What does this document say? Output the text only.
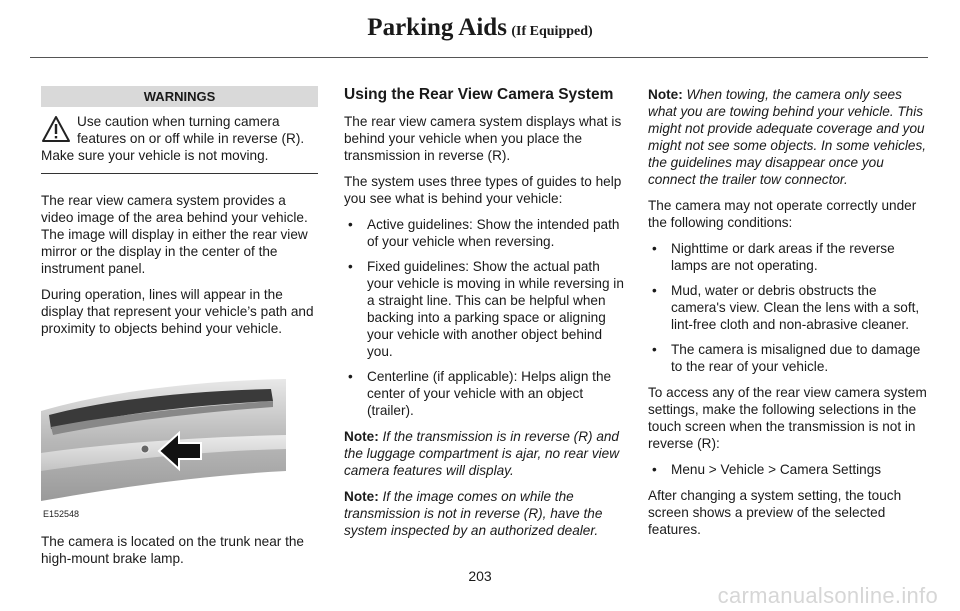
Parking Aids (If Equipped)
WARNINGS
Use caution when turning camera features on or off while in reverse (R). Make sure your vehicle is not moving.

The rear view camera system provides a video image of the area behind your vehicle. The image will display in either the rear view mirror or the display in the center of the instrument panel.

During operation, lines will appear in the display that represent your vehicle’s path and proximity to objects behind your vehicle.

E152548

The camera is located on the trunk near the high-mount brake lamp.

Using the Rear View Camera System

The rear view camera system displays what is behind your vehicle when you place the transmission in reverse (R).

The system uses three types of guides to help you see what is behind your vehicle:

• Active guidelines: Show the intended path of your vehicle when reversing.
• Fixed guidelines: Show the actual path your vehicle is moving in while reversing in a straight line. This can be helpful when backing into a parking space or aligning your vehicle with another object behind you.
• Centerline (if applicable): Helps align the center of your vehicle with an object (trailer).

Note: If the transmission is in reverse (R) and the luggage compartment is ajar, no rear view camera features will display.

Note: If the image comes on while the transmission is not in reverse (R), have the system inspected by an authorized dealer.

Note: When towing, the camera only sees what you are towing behind your vehicle. This might not provide adequate coverage and you might not see some objects. In some vehicles, the guidelines may disappear once you connect the trailer tow connector.

The camera may not operate correctly under the following conditions:

• Nighttime or dark areas if the reverse lamps are not operating.
• Mud, water or debris obstructs the camera's view. Clean the lens with a soft, lint-free cloth and non-abrasive cleaner.
• The camera is misaligned due to damage to the rear of your vehicle.

To access any of the rear view camera system settings, make the following selections in the touch screen when the transmission is not in reverse (R):

• Menu > Vehicle > Camera Settings

After changing a system setting, the touch screen shows a preview of the selected features.

203
carmanualsonline.info
